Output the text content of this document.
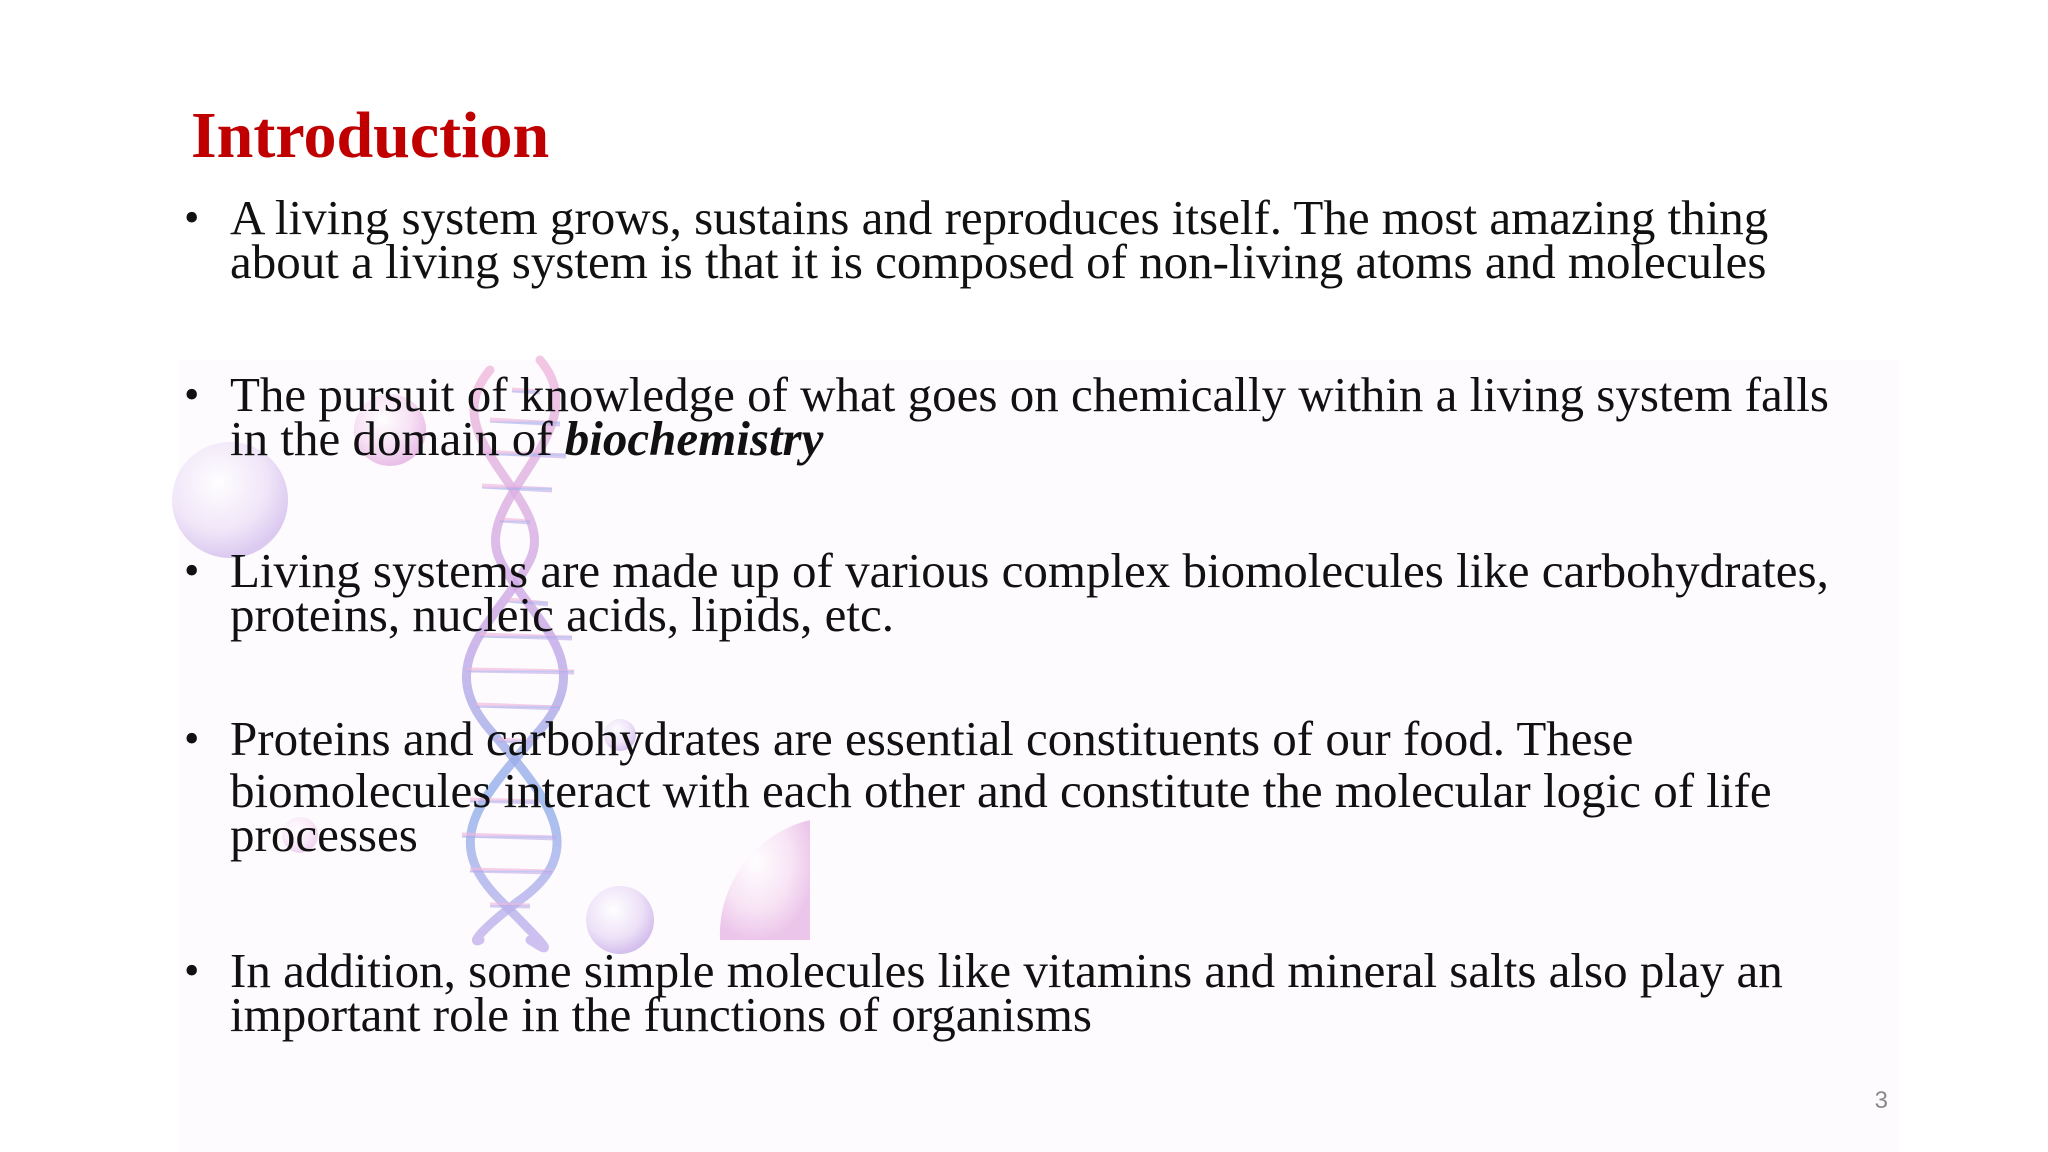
Introduction
• A living system grows, sustains and reproduces itself. The most amazing thing
about a living system is that it is composed of non-living atoms and molecules
• The pursuit of knowledge of what goes on chemically within a living system falls
in the domain of biochemistry
• Living systems are made up of various complex biomolecules like carbohydrates,
proteins, nucleic acids, lipids, etc.
• Proteins and carbohydrates are essential constituents of our food. These
biomolecules interact with each other and constitute the molecular logic of life
processes
• In addition, some simple molecules like vitamins and mineral salts also play an
important role in the functions of organisms
3
